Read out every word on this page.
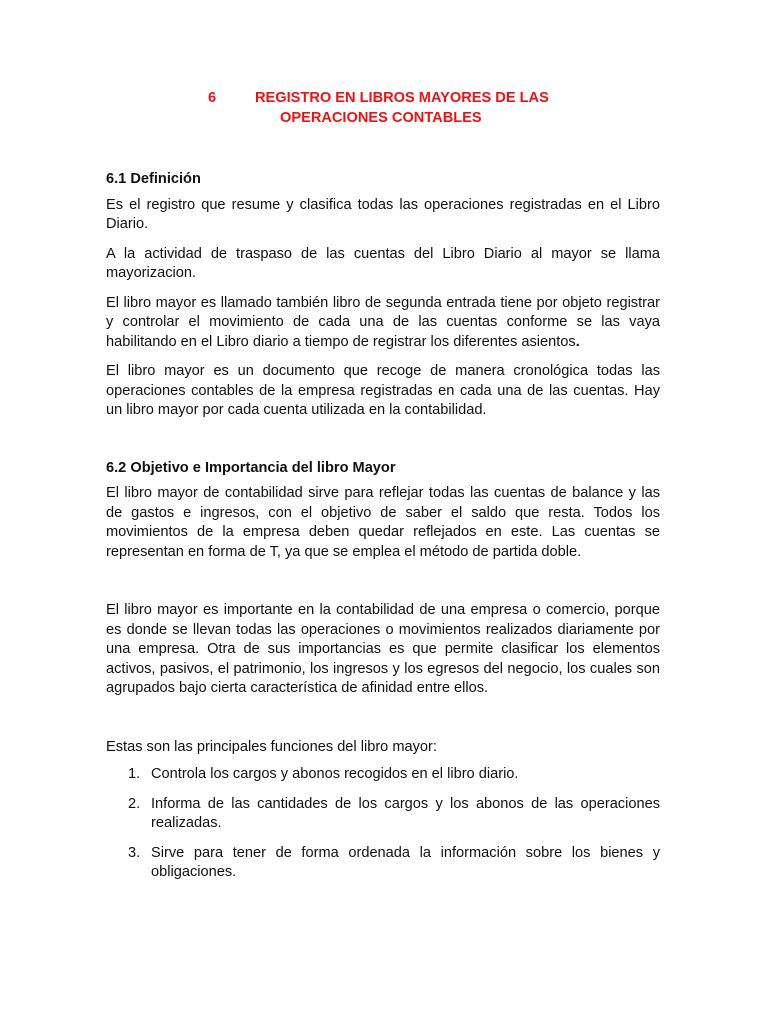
6	REGISTRO EN LIBROS MAYORES DE LAS
OPERACIONES CONTABLES
6.1 Definición

Es el registro que resume y clasifica todas las operaciones registradas en el Libro Diario.

A la actividad de traspaso de las cuentas del Libro Diario al mayor se llama mayorizacion.

El libro mayor es llamado también libro de segunda entrada tiene por objeto registrar y controlar el movimiento de cada una de las cuentas conforme se las vaya habilitando en el Libro diario a tiempo de registrar los diferentes asientos.

El libro mayor es un documento que recoge de manera cronológica todas las operaciones contables de la empresa registradas en cada una de las cuentas. Hay un libro mayor por cada cuenta utilizada en la contabilidad.

6.2 Objetivo e Importancia del libro Mayor

El libro mayor de contabilidad sirve para reflejar todas las cuentas de balance y las de gastos e ingresos, con el objetivo de saber el saldo que resta. Todos los movimientos de la empresa deben quedar reflejados en este. Las cuentas se representan en forma de T, ya que se emplea el método de partida doble.

El libro mayor es importante en la contabilidad de una empresa o comercio, porque es donde se llevan todas las operaciones o movimientos realizados diariamente por una empresa. Otra de sus importancias es que permite clasificar los elementos activos, pasivos, el patrimonio, los ingresos y los egresos del negocio, los cuales son agrupados bajo cierta característica de afinidad entre ellos.

Estas son las principales funciones del libro mayor:

1. Controla los cargos y abonos recogidos en el libro diario.
2. Informa de las cantidades de los cargos y los abonos de las operaciones realizadas.
3. Sirve para tener de forma ordenada la información sobre los bienes y obligaciones.
